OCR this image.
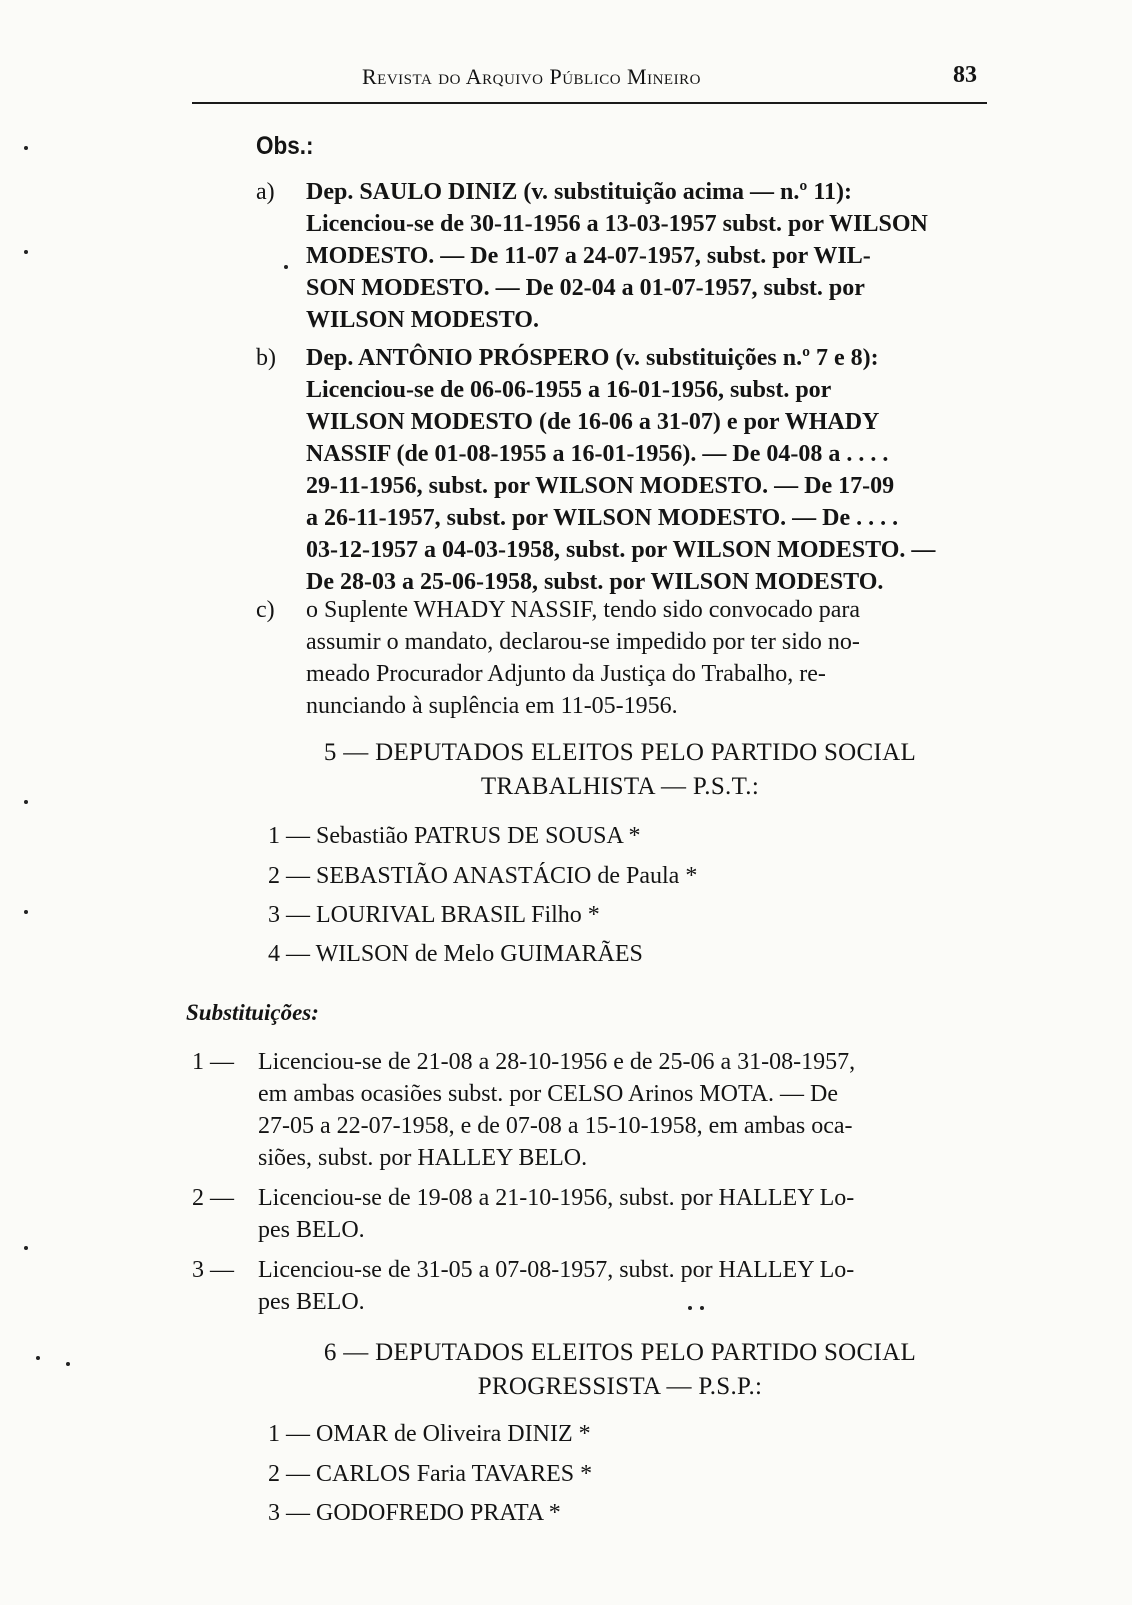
Revista do Arquivo Público Mineiro	83
Obs.:
a)	Dep. SAULO DINIZ (v. substituição acima — n.º 11):
Licenciou-se de 30-11-1956 a 13-03-1957 subst. por WILSON
MODESTO. — De 11-07 a 24-07-1957, subst. por WIL-
SON MODESTO. — De 02-04 a 01-07-1957, subst. por
WILSON MODESTO.
b)	Dep. ANTÔNIO PRÓSPERO (v. substituições n.º 7 e 8):
Licenciou-se de 06-06-1955 a 16-01-1956, subst. por
WILSON MODESTO (de 16-06 a 31-07) e por WHADY
NASSIF (de 01-08-1955 a 16-01-1956). — De 04-08 a . . . .
29-11-1956, subst. por WILSON MODESTO. — De 17-09
a 26-11-1957, subst. por WILSON MODESTO. — De . . . .
03-12-1957 a 04-03-1958, subst. por WILSON MODESTO. —
De 28-03 a 25-06-1958, subst. por WILSON MODESTO.
c)	o Suplente WHADY NASSIF, tendo sido convocado para
assumir o mandato, declarou-se impedido por ter sido no-
meado Procurador Adjunto da Justiça do Trabalho, re-
nunciando à suplência em 11-05-1956.
5 — DEPUTADOS ELEITOS PELO PARTIDO SOCIAL
TRABALHISTA — P.S.T.:
1 — Sebastião PATRUS DE SOUSA *
2 — SEBASTIÃO ANASTÁCIO de Paula *
3 — LOURIVAL BRASIL Filho *
4 — WILSON de Melo GUIMARÃES
Substituições:
1 —	Licenciou-se de 21-08 a 28-10-1956 e de 25-06 a 31-08-1957,
em ambas ocasiões subst. por CELSO Arinos MOTA. — De
27-05 a 22-07-1958, e de 07-08 a 15-10-1958, em ambas oca-
siões, subst. por HALLEY BELO.
2 —	Licenciou-se de 19-08 a 21-10-1956, subst. por HALLEY Lo-
pes BELO.
3 —	Licenciou-se de 31-05 a 07-08-1957, subst. por HALLEY Lo-
pes BELO.
6 — DEPUTADOS ELEITOS PELO PARTIDO SOCIAL
PROGRESSISTA — P.S.P.:
1 — OMAR de Oliveira DINIZ *
2 — CARLOS Faria TAVARES *
3 — GODOFREDO PRATA *
